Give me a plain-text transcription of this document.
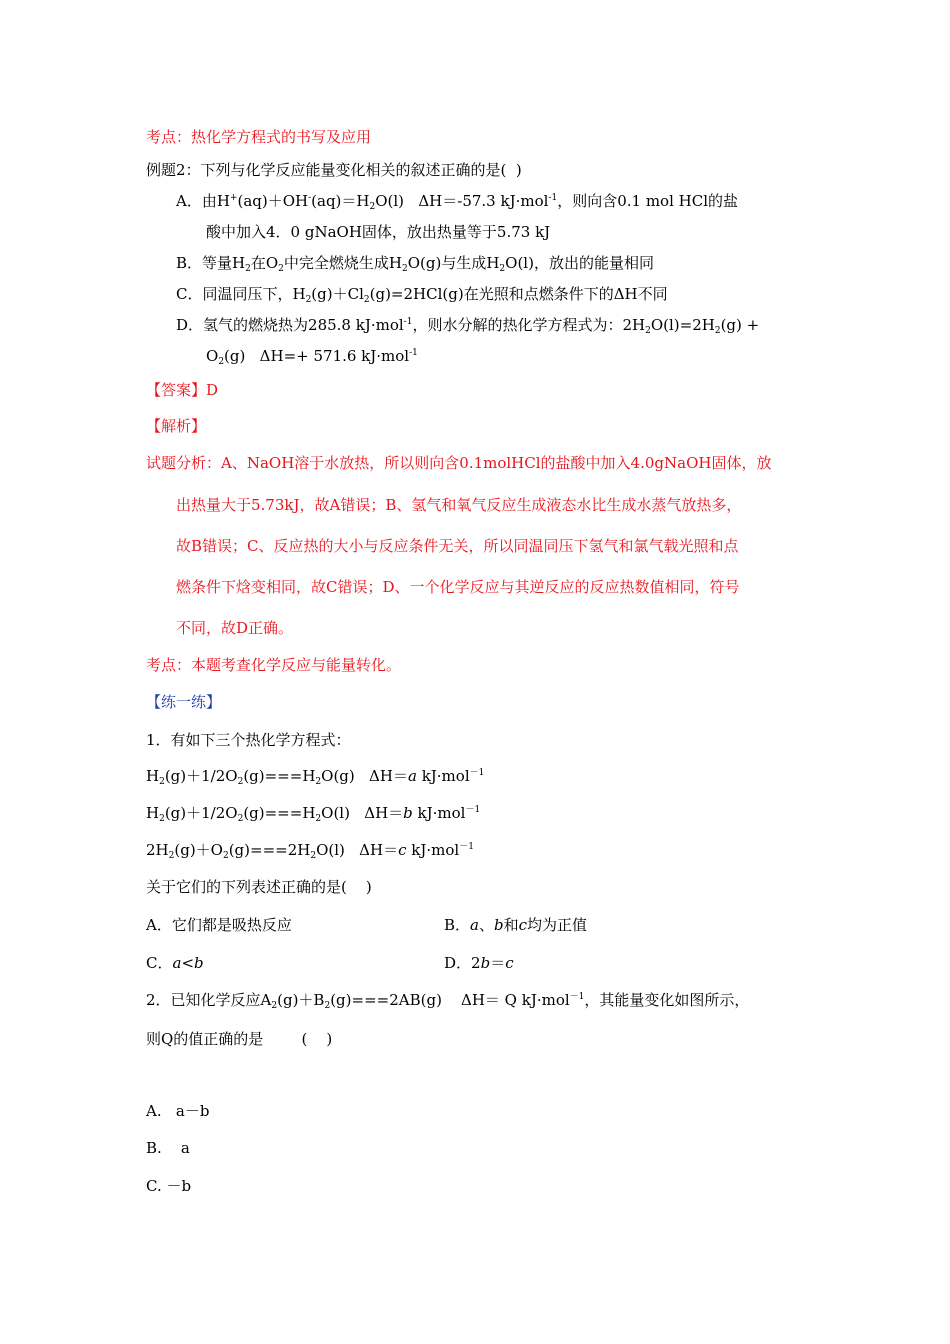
考点：热化学方程式的书写及应用
例题2：下列与化学反应能量变化相关的叙述正确的是(  )
A．由$H^+(aq)+OH^-(aq)=H_2O(l)$   ΔH＝-57.3 kJ·mol$^{-1}$，则向含0.1 mol HCl的盐
酸中加入4．0 gNaOH固体，放出热量等于5.73 kJ
B．等量$H_2$在$O_2$中完全燃烧生成$H_2O(g)$与生成$H_2O(l)$，放出的能量相同
C．同温同压下，$H_2(g)+Cl_2(g)=2HCl(g)$在光照和点燃条件下的ΔH不同
D．氢气的燃烧热为285.8 kJ·mol$^{-1}$，则水分解的热化学方程式为：$2H_2O(l)=2H_2(g)$ +
$O_2(g)$   ΔH=+ 571.6 kJ·mol$^{-1}$
【答案】D
【解析】
试题分析：A、NaOH溶于水放热，所以则向含0.1molHCl的盐酸中加入4.0gNaOH固体，放
出热量大于5.73kJ，故A错误；B、氢气和氧气反应生成液态水比生成水蒸气放热多，
故B错误；C、反应热的大小与反应条件无关，所以同温同压下氢气和氯气载光照和点
燃条件下焓变相同，故C错误；D、一个化学反应与其逆反应的反应热数值相同，符号
不同，故D正确。
考点：本题考查化学反应与能量转化。
【练一练】
1．有如下三个热化学方程式：
$H_2(g)+1/2O_2(g)===H_2O(g)$   ΔH＝a kJ·mol$^{-1}$
$H_2(g)+1/2O_2(g)===H_2O(l)$   ΔH＝b kJ·mol$^{-1}$
$2H_2(g)+O_2(g)===2H_2O(l)$   ΔH＝c kJ·mol$^{-1}$
关于它们的下列表述正确的是(    )
A．它们都是吸热反应	B．a、b和c均为正值
C．a<b	D．2b＝c
2．已知化学反应$A_2(g)+B_2(g)===2AB(g)$    ΔH＝ Q kJ·mol$^{-1}$，其能量变化如图所示，
则Q的值正确的是        (    )
A.   a－b
B.    a
C. －b
